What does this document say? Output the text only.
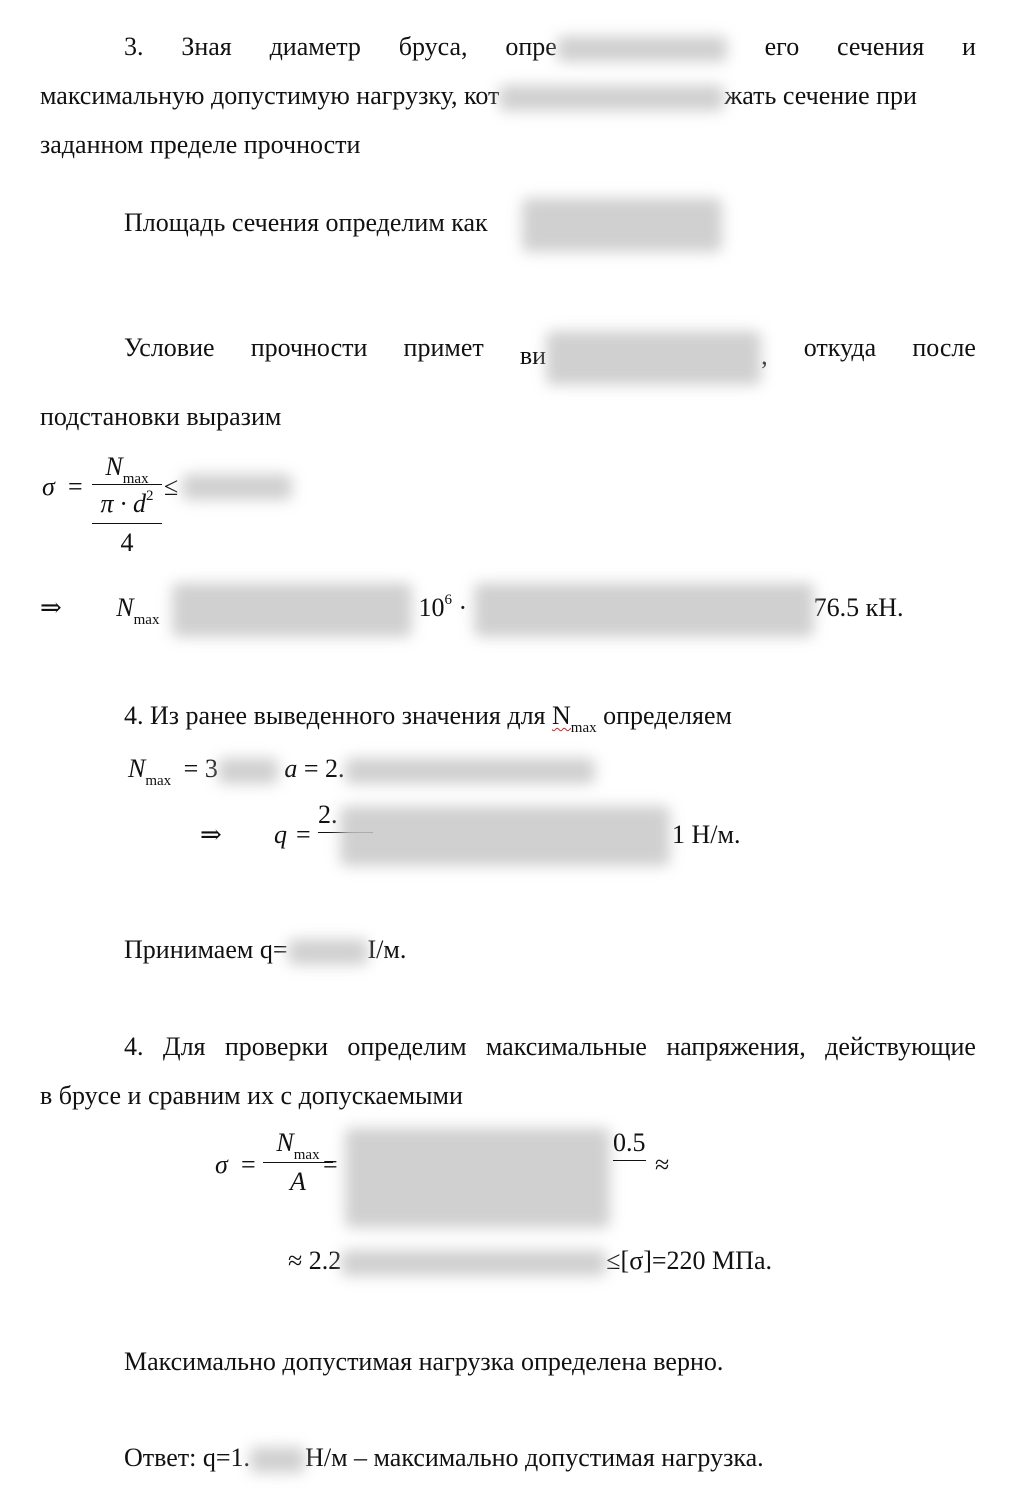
3. Зная диаметр бруса, опре	его сечения и
максимальную допустимую нагрузку, кот	жать сечение при
заданном пределе прочности
Площадь сечения определим как
Условие прочности примет ви	, откуда после
подстановки выразим
σ =
$N_{max}$
$\pi \cdot d^2$
4
≤
⇒ $N_{max}$	$10^6$ ·	76.5 кН.
4. Из ранее выведенного значения для $N_{max}$ определяем
$N_{max} = 3$	a = 2.
⇒ q =
2.
1 Н/м.
Принимаем q=	I/м.
4. Для проверки определим максимальные напряжения, действующие
в брусе и сравним их с допускаемыми
σ =
$N_{max}$
A
=
0.5
≈
≈ 2.2	≤[σ]=220 МПа.
Максимально допустимая нагрузка определена верно.
Ответ: q=1. Н/м – максимально допустимая нагрузка.
